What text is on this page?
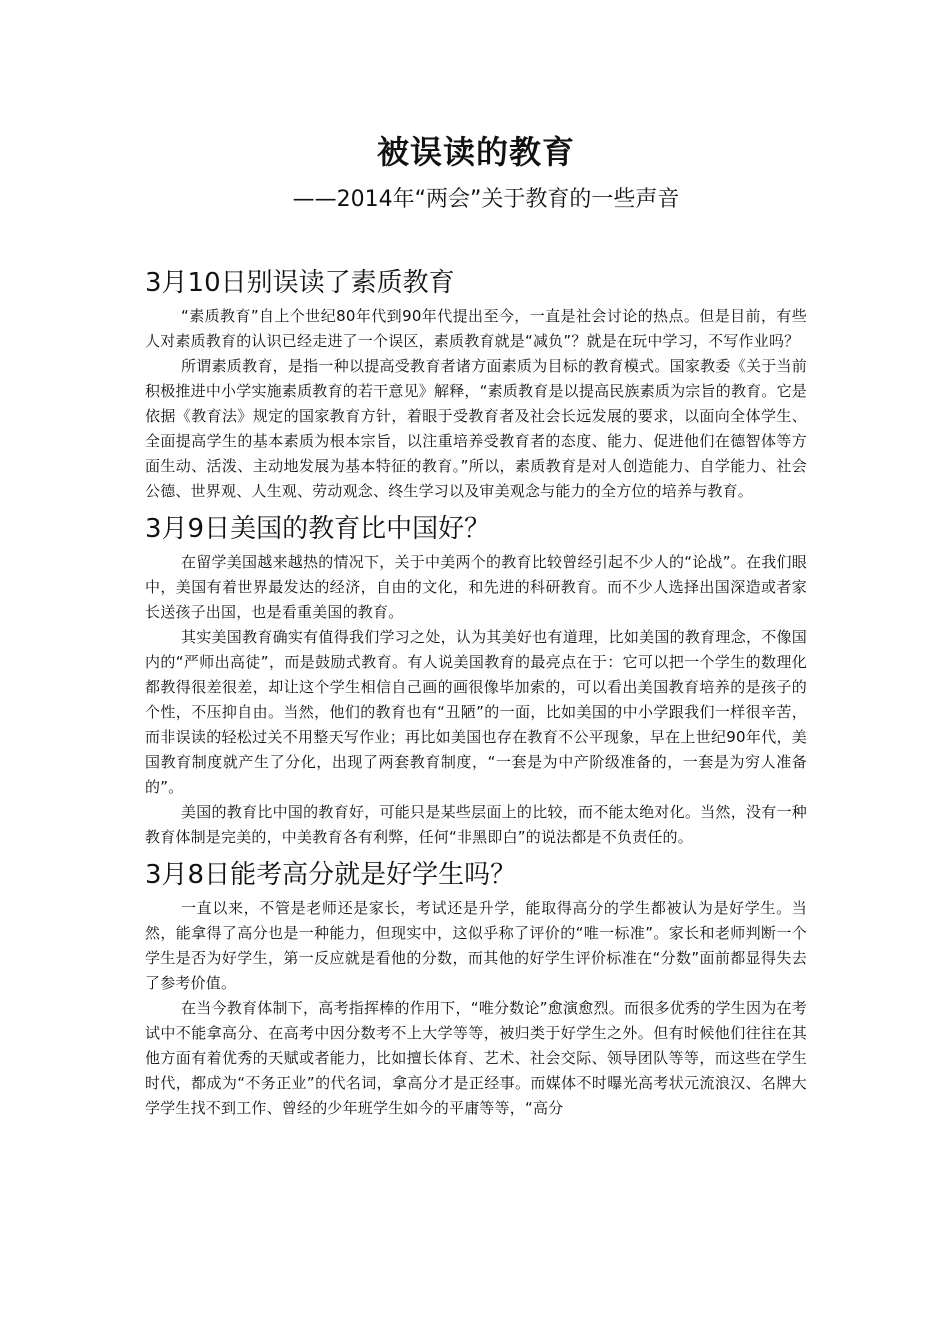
被误读的教育

——2014年“两会”关于教育的一些声音

3月10日别误读了素质教育

“素质教育”自上个世纪80年代到90年代提出至今，一直是社会讨论的热点。但是目前，有些人对素质教育的认识已经走进了一个误区，素质教育就是“减负”？就是在玩中学习，不写作业吗？

所谓素质教育，是指一种以提高受教育者诸方面素质为目标的教育模式。国家教委《关于当前积极推进中小学实施素质教育的若干意见》解释，“素质教育是以提高民族素质为宗旨的教育。它是依据《教育法》规定的国家教育方针，着眼于受教育者及社会长远发展的要求，以面向全体学生、全面提高学生的基本素质为根本宗旨，以注重培养受教育者的态度、能力、促进他们在德智体等方面生动、活泼、主动地发展为基本特征的教育。”所以，素质教育是对人创造能力、自学能力、社会公德、世界观、人生观、劳动观念、终生学习以及审美观念与能力的全方位的培养与教育。

3月9日美国的教育比中国好？

在留学美国越来越热的情况下，关于中美两个的教育比较曾经引起不少人的“论战”。在我们眼中，美国有着世界最发达的经济，自由的文化，和先进的科研教育。而不少人选择出国深造或者家长送孩子出国，也是看重美国的教育。

其实美国教育确实有值得我们学习之处，认为其美好也有道理，比如美国的教育理念，不像国内的“严师出高徒”，而是鼓励式教育。有人说美国教育的最亮点在于：它可以把一个学生的数理化都教得很差很差，却让这个学生相信自己画的画很像毕加索的，可以看出美国教育培养的是孩子的个性，不压抑自由。当然，他们的教育也有“丑陋”的一面，比如美国的中小学跟我们一样很辛苦，而非误读的轻松过关不用整天写作业；再比如美国也存在教育不公平现象，早在上世纪90年代，美国教育制度就产生了分化，出现了两套教育制度，“一套是为中产阶级准备的，一套是为穷人准备的”。

美国的教育比中国的教育好，可能只是某些层面上的比较，而不能太绝对化。当然，没有一种教育体制是完美的，中美教育各有利弊，任何“非黑即白”的说法都是不负责任的。

3月8日能考高分就是好学生吗？

一直以来，不管是老师还是家长，考试还是升学，能取得高分的学生都被认为是好学生。当然，能拿得了高分也是一种能力，但现实中，这似乎称了评价的“唯一标准”。家长和老师判断一个学生是否为好学生，第一反应就是看他的分数，而其他的好学生评价标准在“分数”面前都显得失去了参考价值。

在当今教育体制下，高考指挥棒的作用下，“唯分数论”愈演愈烈。而很多优秀的学生因为在考试中不能拿高分、在高考中因分数考不上大学等等，被归类于好学生之外。但有时候他们往往在其他方面有着优秀的天赋或者能力，比如擅长体育、艺术、社会交际、领导团队等等，而这些在学生时代，都成为“不务正业”的代名词，拿高分才是正经事。而媒体不时曝光高考状元流浪汉、名牌大学学生找不到工作、曾经的少年班学生如今的平庸等等，“高分
